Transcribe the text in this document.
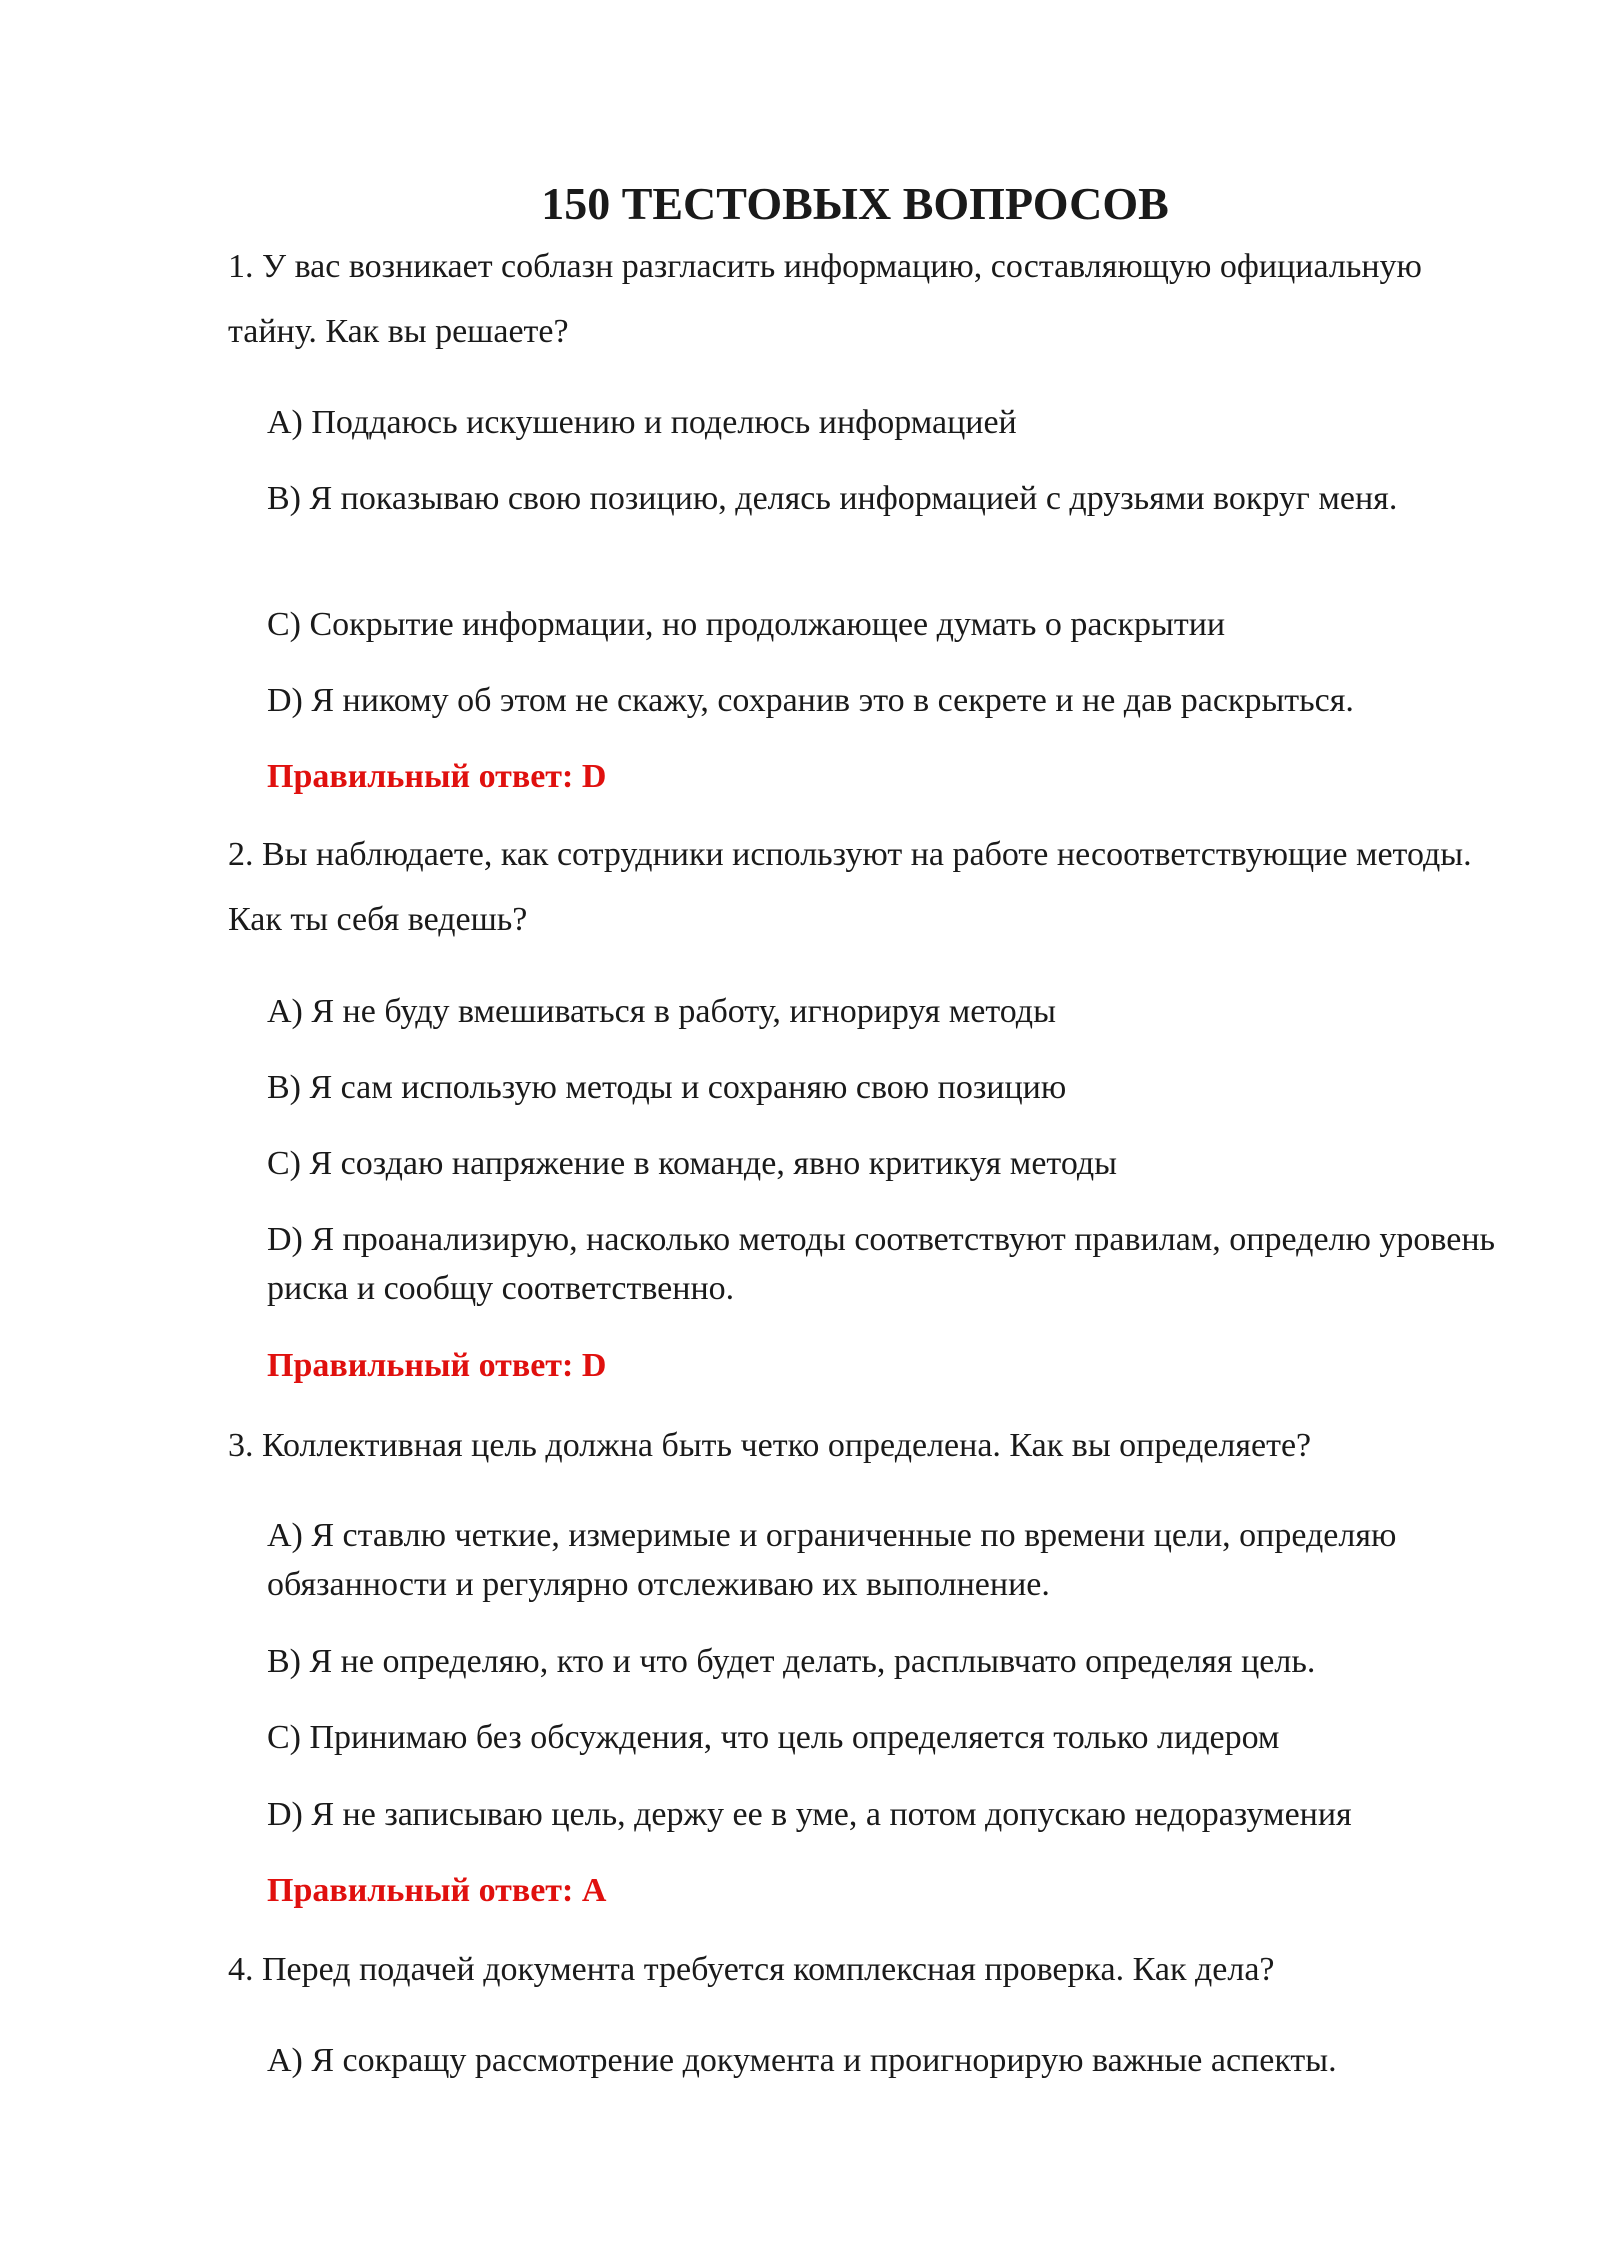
150 ТЕСТОВЫХ ВОПРОСОВ

1. У вас возникает соблазн разгласить информацию, составляющую официальную тайну. Как вы решаете?

A) Поддаюсь искушению и поделюсь информацией

B) Я показываю свою позицию, делясь информацией с друзьями вокруг меня.

C) Сокрытие информации, но продолжающее думать о раскрытии

D) Я никому об этом не скажу, сохранив это в секрете и не дав раскрыться.

Правильный ответ: D

2. Вы наблюдаете, как сотрудники используют на работе несоответствующие методы. Как ты себя ведешь?

A) Я не буду вмешиваться в работу, игнорируя методы

B) Я сам использую методы и сохраняю свою позицию

C) Я создаю напряжение в команде, явно критикуя методы

D) Я проанализирую, насколько методы соответствуют правилам, определю уровень риска и сообщу соответственно.

Правильный ответ: D

3. Коллективная цель должна быть четко определена. Как вы определяете?

A) Я ставлю четкие, измеримые и ограниченные по времени цели, определяю обязанности и регулярно отслеживаю их выполнение.

B) Я не определяю, кто и что будет делать, расплывчато определяя цель.

C) Принимаю без обсуждения, что цель определяется только лидером

D) Я не записываю цель, держу ее в уме, а потом допускаю недоразумения

Правильный ответ: A

4. Перед подачей документа требуется комплексная проверка. Как дела?

A) Я сокращу рассмотрение документа и проигнорирую важные аспекты.
